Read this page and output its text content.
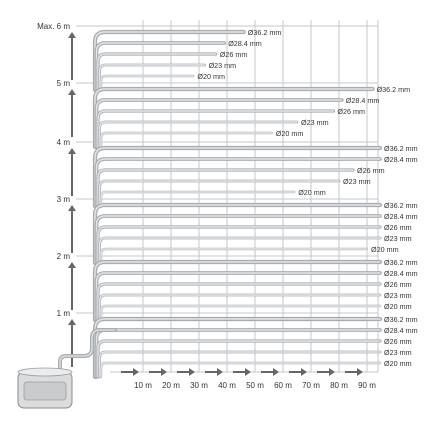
Max. 6 m
Ø36.2 mm
Ø28.4 mm
Ø26 mm
Ø23 mm
Ø20 mm
5 m
Ø36.2 mm
Ø28.4 mm
Ø26 mm
Ø23 mm
Ø20 mm
4 m
Ø36.2 mm
Ø28.4 mm
Ø26 mm
Ø23 mm
Ø20 mm
3 m
Ø36.2 mm
Ø28.4 mm
Ø26 mm
Ø23 mm
Ø20 mm
2 m
Ø36.2 mm
Ø28.4 mm
Ø26 mm
Ø23 mm
Ø20 mm
1 m
Ø36.2 mm
Ø28.4 mm
Ø26 mm
Ø23 mm
Ø20 mm
10 m 20 m 30 m 40 m 50 m 60 m 70 m 80 m 90 m
